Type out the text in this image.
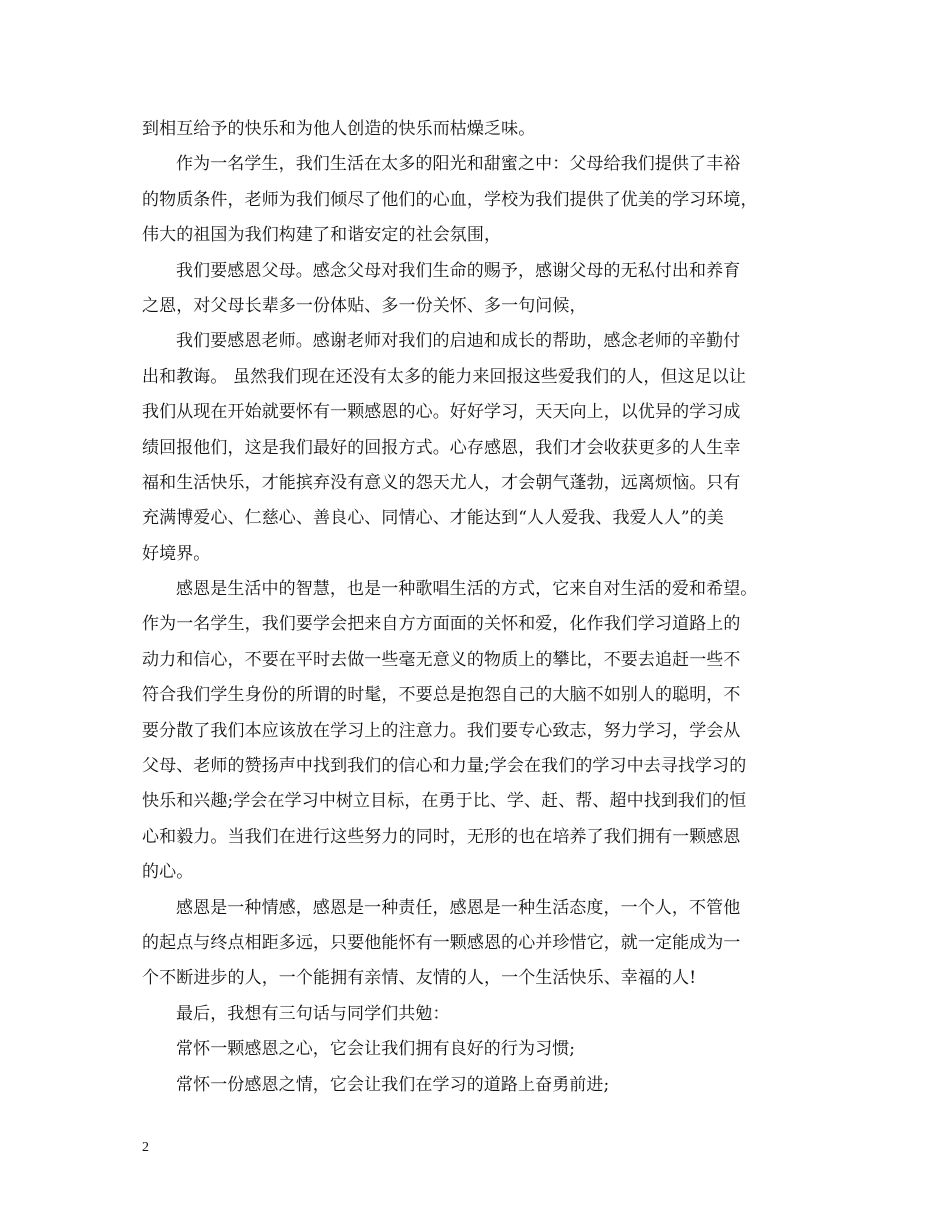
到相互给予的快乐和为他人创造的快乐而枯燥乏味。
作为一名学生，我们生活在太多的阳光和甜蜜之中：父母给我们提供了丰裕
的物质条件，老师为我们倾尽了他们的心血，学校为我们提供了优美的学习环境，
伟大的祖国为我们构建了和谐安定的社会氛围，
我们要感恩父母。感念父母对我们生命的赐予，感谢父母的无私付出和养育
之恩，对父母长辈多一份体贴、多一份关怀、多一句问候，
我们要感恩老师。感谢老师对我们的启迪和成长的帮助，感念老师的辛勤付
出和教诲。 虽然我们现在还没有太多的能力来回报这些爱我们的人，但这足以让
我们从现在开始就要怀有一颗感恩的心。好好学习，天天向上，以优异的学习成
绩回报他们，这是我们最好的回报方式。心存感恩，我们才会收获更多的人生幸
福和生活快乐，才能摈弃没有意义的怨天尤人，才会朝气蓬勃，远离烦恼。只有
充满博爱心、仁慈心、善良心、同情心、才能达到“人人爱我、我爱人人”的美
好境界。
感恩是生活中的智慧，也是一种歌唱生活的方式，它来自对生活的爱和希望。
作为一名学生，我们要学会把来自方方面面的关怀和爱，化作我们学习道路上的
动力和信心，不要在平时去做一些毫无意义的物质上的攀比，不要去追赶一些不
符合我们学生身份的所谓的时髦，不要总是抱怨自己的大脑不如别人的聪明，不
要分散了我们本应该放在学习上的注意力。我们要专心致志，努力学习，学会从
父母、老师的赞扬声中找到我们的信心和力量;学会在我们的学习中去寻找学习的
快乐和兴趣;学会在学习中树立目标，在勇于比、学、赶、帮、超中找到我们的恒
心和毅力。当我们在进行这些努力的同时，无形的也在培养了我们拥有一颗感恩
的心。
感恩是一种情感，感恩是一种责任，感恩是一种生活态度，一个人，不管他
的起点与终点相距多远，只要他能怀有一颗感恩的心并珍惜它，就一定能成为一
个不断进步的人，一个能拥有亲情、友情的人，一个生活快乐、幸福的人!
最后，我想有三句话与同学们共勉：
常怀一颗感恩之心，它会让我们拥有良好的行为习惯;
常怀一份感恩之情，它会让我们在学习的道路上奋勇前进;
2
